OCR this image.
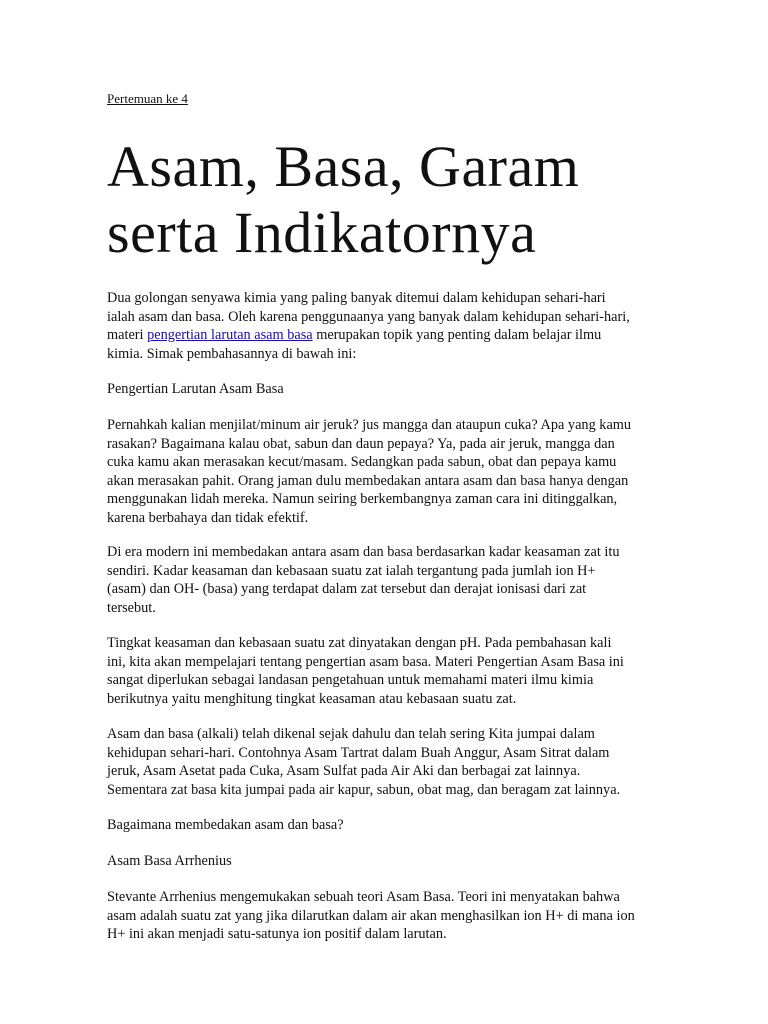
Pertemuan ke 4
Asam, Basa, Garam
serta Indikatornya

Dua golongan senyawa kimia yang paling banyak ditemui dalam kehidupan sehari-hari
ialah asam dan basa. Oleh karena penggunaanya yang banyak dalam kehidupan sehari-hari,
materi pengertian larutan asam basa merupakan topik yang penting dalam belajar ilmu
kimia. Simak pembahasannya di bawah ini:

Pengertian Larutan Asam Basa

Pernahkah kalian menjilat/minum air jeruk? jus mangga dan ataupun cuka? Apa yang kamu
rasakan? Bagaimana kalau obat, sabun dan daun pepaya? Ya, pada air jeruk, mangga dan
cuka kamu akan merasakan kecut/masam. Sedangkan pada sabun, obat dan pepaya kamu
akan merasakan pahit. Orang jaman dulu membedakan antara asam dan basa hanya dengan
menggunakan lidah mereka. Namun seiring berkembangnya zaman cara ini ditinggalkan,
karena berbahaya dan tidak efektif.

Di era modern ini membedakan antara asam dan basa berdasarkan kadar keasaman zat itu
sendiri. Kadar keasaman dan kebasaan suatu zat ialah tergantung pada jumlah ion H+
(asam) dan OH- (basa) yang terdapat dalam zat tersebut dan derajat ionisasi dari zat
tersebut.

Tingkat keasaman dan kebasaan suatu zat dinyatakan dengan pH. Pada pembahasan kali
ini, kita akan mempelajari tentang pengertian asam basa. Materi Pengertian Asam Basa ini
sangat diperlukan sebagai landasan pengetahuan untuk memahami materi ilmu kimia
berikutnya yaitu menghitung tingkat keasaman atau kebasaan suatu zat.

Asam dan basa (alkali) telah dikenal sejak dahulu dan telah sering Kita jumpai dalam
kehidupan sehari-hari. Contohnya Asam Tartrat dalam Buah Anggur, Asam Sitrat dalam
jeruk, Asam Asetat pada Cuka, Asam Sulfat pada Air Aki dan berbagai zat lainnya.
Sementara zat basa kita jumpai pada air kapur, sabun, obat mag, dan beragam zat lainnya.

Bagaimana membedakan asam dan basa?

Asam Basa Arrhenius

Stevante Arrhenius mengemukakan sebuah teori Asam Basa. Teori ini menyatakan bahwa
asam adalah suatu zat yang jika dilarutkan dalam air akan menghasilkan ion H+ di mana ion
H+ ini akan menjadi satu-satunya ion positif dalam larutan.
